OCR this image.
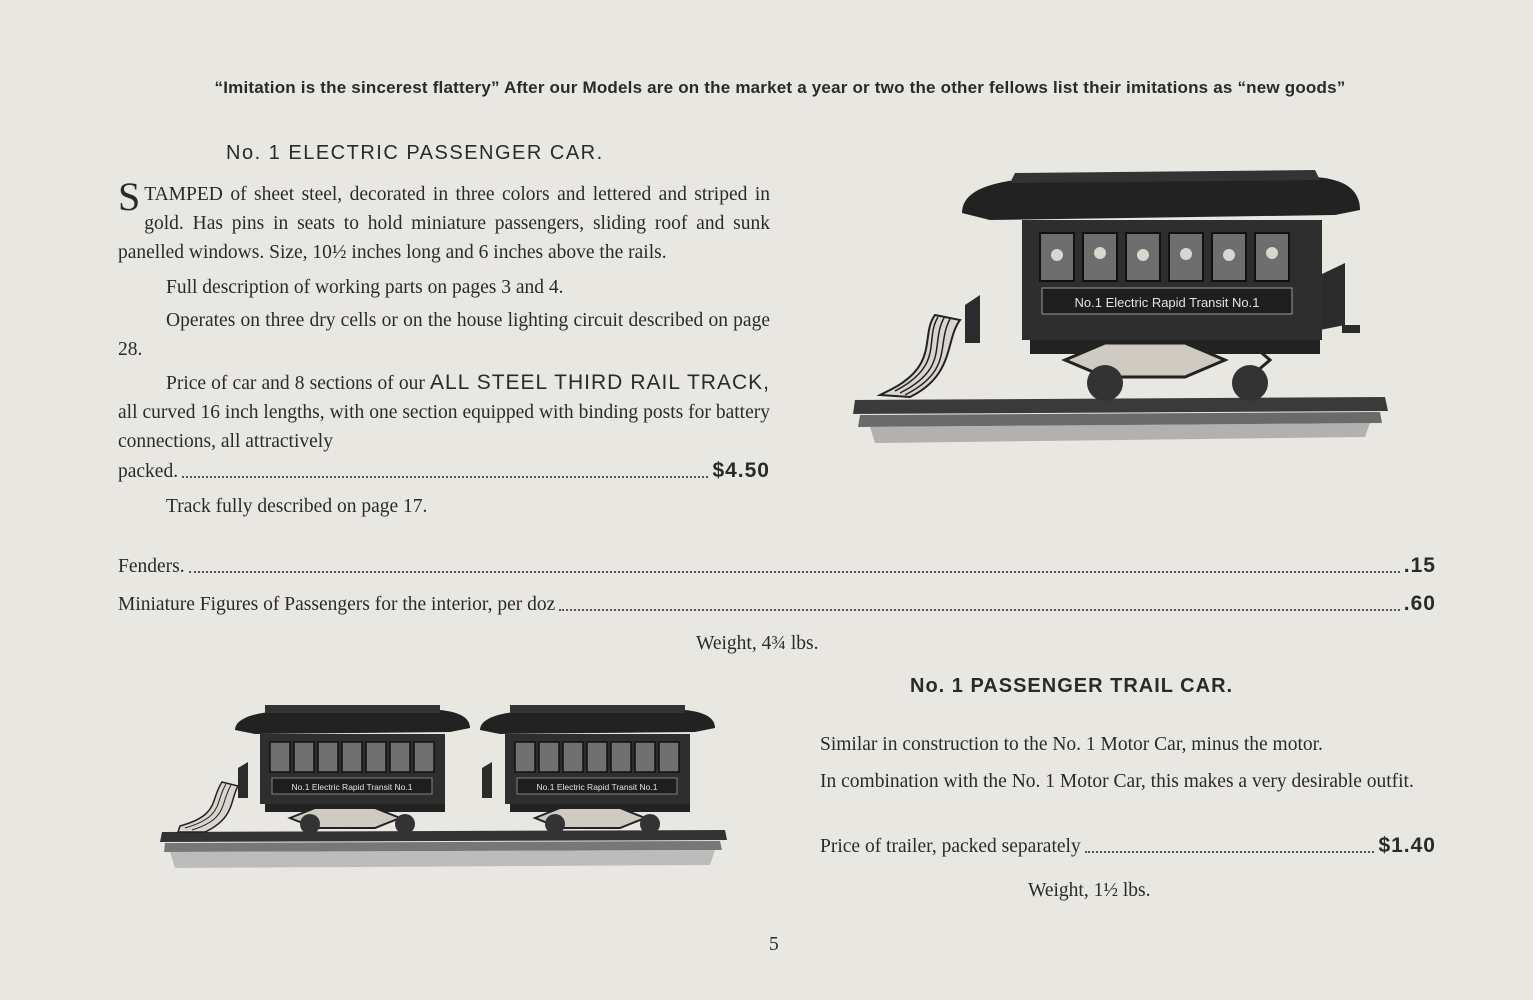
“Imitation is the sincerest flattery” After our Models are on the market a year or two the other fellows list their imitations as “new goods”
No. 1 ELECTRIC PASSENGER CAR.

STAMPED of sheet steel, decorated in three colors and lettered and striped in gold. Has pins in seats to hold miniature passengers, sliding roof and sunk panelled windows. Size, 10½ inches long and 6 inches above the rails.

Full description of working parts on pages 3 and 4.

Operates on three dry cells or on the house lighting circuit described on page 28.

Price of car and 8 sections of our ALL STEEL THIRD RAIL TRACK, all curved 16 inch lengths, with one section equipped with binding posts for battery connections, all attractively

packed.	$4.50

Track fully described on page 17.

Fenders.	.15
Miniature Figures of Passengers for the interior, per doz	.60
Weight, 4¾ lbs.
No.1 Electric Rapid Transit No.1
No. 1 PASSENGER TRAIL CAR.
No.1 Electric Rapid Transit No.1	No.1 Electric Rapid Transit No.1

Similar in construction to the No. 1 Motor Car, minus the motor.

In combination with the No. 1 Motor Car, this makes a very desirable outfit.

Price of trailer, packed separately	$1.40
Weight, 1½ lbs.
5
